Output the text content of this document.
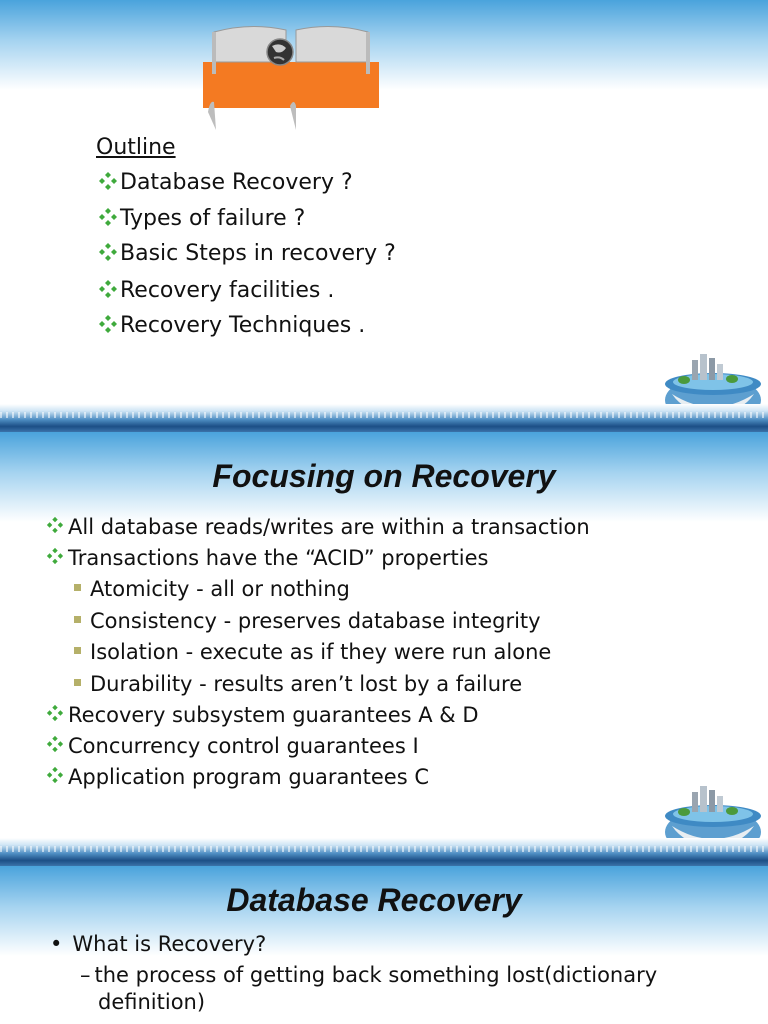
Outline
Database Recovery ?
Types of failure ?
Basic Steps in recovery ?
Recovery facilities .
Recovery Techniques .
Focusing on Recovery
All database reads/writes are within a transaction
Transactions have the “ACID” properties
Atomicity - all or nothing
Consistency - preserves database integrity
Isolation - execute as if they were run alone
Durability - results aren’t lost by a failure
Recovery subsystem guarantees A & D
Concurrency control guarantees I
Application program guarantees C
Database Recovery
• What is Recovery?
– the process of getting back something lost(dictionary
definition)
